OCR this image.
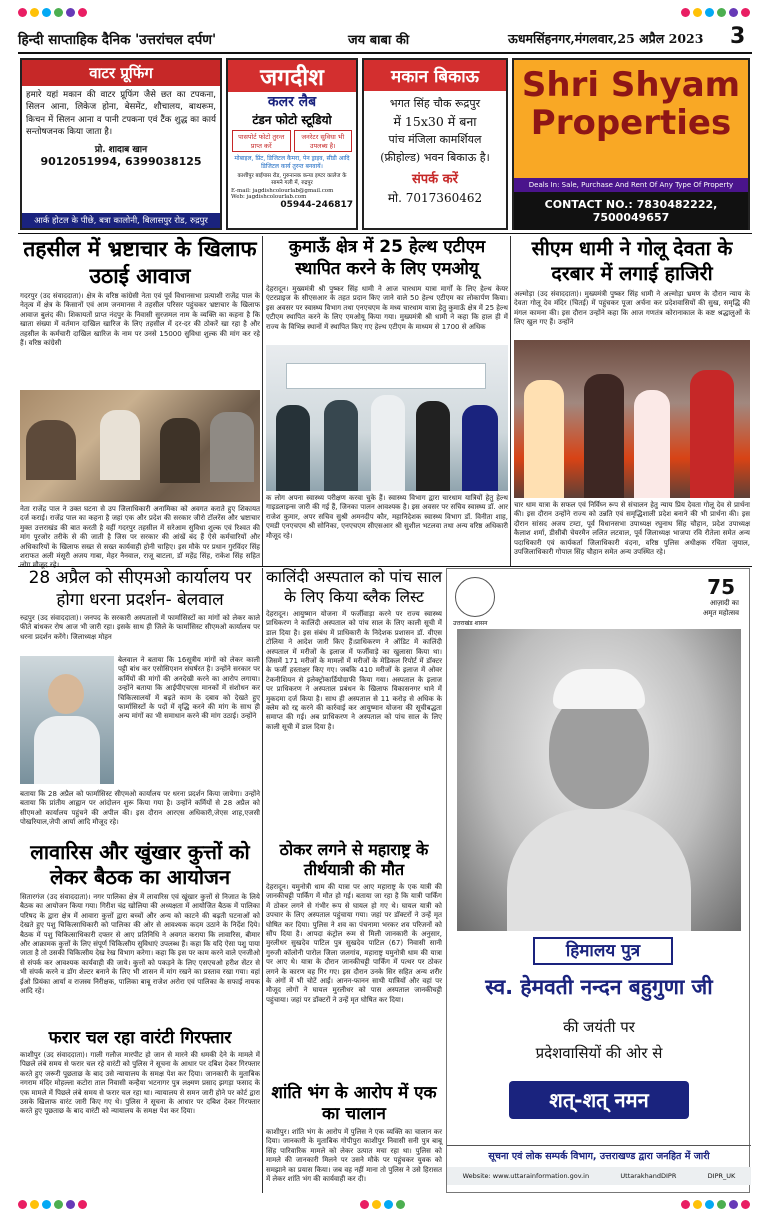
हिन्दी साप्ताहिक दैनिक 'उत्तरांचल दर्पण'	जय बाबा की	ऊधमसिंहनगर,मंगलवार,25 अप्रैल 2023 3
वाटर प्रूफिंग
हमारे यहां मकान की वाटर प्रूफिंग जैसे छत का टपकना, सिलन आना, लिकेज होना, बेसमेंट, शौचालय, बाथरूम, किचन में सिलन आना व पानी टपकना एवं टैंक शुद्ध का कार्य सन्तोषजनक किया जाता है।
प्रो. शादाब खान
9012051994, 6399038125
आर्क होटल के पीछे, बत्रा कालोनी, बिलासपुर रोड, रुद्रपुर
जगदीश
कलर लैब
टंडन फोटो स्टूडियो
पासपोर्ट फोटो तुरन्त प्राप्त करें
जनरेटर सुविधा भी उपलब्ध है।
मोबाइल, प्रिंट, डिजिटल कैमरा, पेन ड्राइव, सीडी आदि डिजिटल कार्य तुरन्त बनवायें।
काशीपुर बाईपास रोड, गुरुनानक कन्या इण्टर कालेज के सामने गली में, रुद्रपुर
E-mail: jagdishcolourlab@gmail.com
Web: jagdishcolourlab.com
05944-246817
मकान बिकाऊ
भगत सिंह चौक रूद्रपुर
में 15x30 में बना
पांच मंजिला कामर्शियल
(फ्रीहोल्ड) भवन बिकाऊ है।
संपर्क करें
मो. 7017360462
Shri Shyam
Properties
Deals In: Sale, Purchase And Rent Of Any Type Of Property
CONTACT NO.: 7830482222, 7500049657
तहसील में भ्रष्टाचार के खिलाफ उठाई आवाज
गदरपुर (उद संवाददाता)। क्षेत्र के वरिष्ठ कांग्रेसी नेता एवं पूर्व विधानसभा प्रत्याशी राजेंद्र पाल के नेतृत्व में क्षेत्र के किसानों एवं आम जनमानस ने तहसील परिसर पहुंचकर भ्रष्टाचार के खिलाफ आवाज बुलंद की। शिकायतों प्राप्त नंदपुर के निवासी सुरजमल नाम के व्यक्ति का कहना है कि खाता संख्या में वर्तमान दाखिल खारिज के लिए तहसील में दर-दर की ठोकरें खा रहा है और तहसील के कर्मचारी दाखिल खारिज के नाम पर उनसे 15000 सुविधा शुल्क की मांग कर रहे हैं। वरिष्ठ कांग्रेसी
नेता राजेंद्र पाल ने उक्त घटना से उप जिलाधिकारी अनामिका को अवगत कराते हुए शिकायत दर्ज कराई। राजेंद्र पाल का कहना है जहां एक और प्रदेश की सरकार जीरो टॉलरेंस और भ्रष्टाचार मुक्त उत्तराखंड की बात करती है वहीं गदरपुर तहसील में सरेआम सुविधा शुल्क एवं रिश्वत की मांग पूरजोर तरीके से की जाती है जिस पर सरकार की आंखें बंद हैं ऐसे कर्मचारियों और अधिकारियों के खिलाफ सख्त से सख्त कार्यवाही होनी चाहिए। इस मौके पर प्रधान गुरविंदर सिंह शराफत अली मंसूरी अजय गाबा, मेहर नैनवाल, राजू बाटला, डॉ महेंद्र सिंह, राकेश सिंह सहित
कुमाऊँ क्षेत्र में 25 हेल्थ एटीएम स्थापित करने के लिए एमओयू
देहरादून। मुख्यमंत्री श्री पुष्कर सिंह धामी ने आज चारधाम यात्रा मार्गों के लिए हेल्थ केयर एंटरप्राइज के सीएसआर के तहत प्रदान किए जाने वाले 50 हेल्थ एटीएम का लोकार्पण किया। इस अवसर पर स्वास्थ्य विभाग तथा एनएचएम के मध्य चारधाम यात्रा हेतु कुमाऊँ क्षेत्र में 25 हेल्थ एटीएम स्थापित करने के लिए एमओयू किया गया। मुख्यमंत्री श्री धामी ने कहा कि हाल ही में राज्य के विभिन्न स्थानों में स्थापित किए गए हेल्थ एटीएम के माध्यम से 1700 से अधिक
क लोग अपना स्वास्थ्य परीक्षण करवा चुके हैं। स्वास्थ्य विभाग द्वारा चारधाम यात्रियों हेतु हेल्थ गाइडलाइन्स जारी की गई हैं, जिनका पालन आवश्यक है। इस अवसर पर सचिव स्वास्थ्य डॉ. आर राजेश कुमार, अपर सचिव सुश्री अमनदीप कौर, महानिदेशक स्वास्थ्य विभाग डॉ. विनीता शाह, एमडी एनएचएम श्री सोनिका, एनएचएम सीएसआर श्री सुशील भटलवा तथा अन्य वरिष्ठ अधिकारी मौजूद रहे।
सीएम धामी ने गोलू देवता के दरबार में लगाई हाजिरी
अल्मोड़ा (उद संवाददाता)। मुख्यमंत्री पुष्कर सिंह धामी ने अल्मोड़ा भ्रमण के दौरान न्याय के देवता गोलू देव मंदिर (चितई) में पहुंचकर पूजा अर्चना कर प्रदेशवासियों की सुख, समृद्धि की मंगल कामना की। इस दौरान उन्होंने कहा कि आज गणतंत्र कोरानाकाल के कष्ट श्रद्धालुओं के लिए खुल गए हैं। उन्होंने
चार धाम यात्रा के सफल एवं निर्विघ्न रूप से संचालन हेतु न्याय प्रिय देवता गोलू देव से प्रार्थना की। इस दौरान उन्होंने राज्य को उन्नति एवं समृद्धिशाली प्रदेश बनाने की भी प्रार्थना की। इस दौरान सांसद अजय टम्टा, पूर्व विधानसभा उपाध्यक्ष रघुनाथ सिंह चौहान, प्रदेश उपाध्यक्ष कैलाश शर्मा, डीसीबी चेयरमैन ललित लटवाल, पूर्व जिलाध्यक्ष भाजपा रवि रौतेला समेत अन्य पदाधिकारी एवं कार्यकर्ता जिलाधिकारी वंदना, वरिष्ठ पुलिस अधीक्षक रचिता जुयाल, उपजिलाधिकारी गोपाल सिंह चौहान समेत अन्य उपस्थित रहे।
28 अप्रैल को सीएमओ कार्यालय पर होगा धरना प्रदर्शन- बेलवाल
रुद्रपुर (उद संवाददाता)। जनपद के सरकारी अस्पतालों में फार्मासिस्टों का मांगों को लेकर काले फीते बांधकर रोष आज भी जारी रहा। इसके साथ ही जिले के फार्मासिस्ट सीएमओ कार्यालय पर धरना प्रदर्शन करेंगे। जिलाध्यक्ष मोहन
बेलवाल ने बताया कि 16सूत्रीय मांगों को लेकर काली पट्टी बांध कर एसोसिएशन संघर्षरत है। उन्होंने सरकार पर कर्मियों की मांगों की अनदेखी करने का आरोप लगाया। उन्होंने बताया कि आईपीएचएस मानकों में संशोधन कर चिकित्सालयों में बढ़ते काम के दबाव को देखते हुए फार्मासिस्टों के पदों में वृद्धि करने की मांग के साथ ही अन्य मांगों का भी समाधान करने की मांग उठाई। उन्होंने
बताया कि 28 अप्रैल को फार्मासिस्ट सीएमओ कार्यालय पर धरना प्रदर्शन किया जायेगा। उन्होंने बताया कि प्रांतीय आह्वान पर आंदोलन शुरू किया गया है। उन्होंने कर्मियों से 28 अप्रैल को सीएमओ कार्यालय पहुंचने की अपील की। इस दौरान आरएस अधिकारी,जेएस शाह,एजसी पोखरियाल,जेपी आर्या आदि मौजूद रहे।
लावारिस और खुंखार कुत्तों को लेकर बैठक का आयोजन
सितारगंज (उद संवाददाता)। नगर पालिका क्षेत्र में लावारिस एवं खूंखार कुत्तों से निजात के लिये बैठक का आयोजन किया गया। गिरीश चंद्र खोलिया की अध्यक्षता में आयोजित बैठक में पालिका परिषद के द्वारा क्षेत्र में आवारा कुत्तों द्वारा बच्चों और अन्य को काटने की बढ़ती घटनाओं को देखते हुए पशु चिकित्साधिकारी को पालिका की ओर से आवश्यक कदम उठाने के निर्देश दिये। बैठक में पशु चिकित्साधिकारी दफ्तर से आए प्रतिनिधि ने अवगत कराया कि लावारिस, बीमार और आक्रामक कुत्तों के लिए संपूर्ण चिकित्सीय सुविधाएं उपलब्ध हैं। कहा कि यदि ऐसा पशु पाया जाता है तो उसकी चिकित्सीय देख रेख विभाग करेगा। कहा कि इस पर काम करने वाले एनजीओ से संपर्क कर आवश्यक कार्यवाही की जाये। कुत्तों को पकड़ने के लिए एसएचओ हरीश सेंटर से भी संपर्क करने व डॉग शेल्टर बनाने के लिए भी शासन में मांग रखने का प्रस्ताव रखा गया। वहां ईओ प्रियंका आर्या व राजस्व निरीक्षक, पालिका बाबू राजेश अरोरा एवं पालिका के सफाई नायक आदि रहे।
फरार चल रहा वारंटी गिरफ्तार
काशीपुर (उद संवाददाता)। गाली गलौज मारपीट हो जान से मारने की धमकी देने के मामले में पिछले लंबे समय से फरार चल रहे वारंटी को पुलिस ने सूचना के आधार पर दबिश देकर गिरफ्तार करते हुए जरूरी पूछताछ के बाद उसे न्यायालय के समक्ष पेश कर दिया। जानकारी के मुताबिक नगराम मंदिर मोहल्ला कटोरा ताल निवासी कन्हैया भटनागर पुत्र लक्ष्मण प्रसाद झगड़ा फसाद के एक मामले में पिछले लंबे समय से फरार चल रहा था। न्यायालय से समन जारी होने पर कोर्ट द्वारा उसके खिलाफ वारंट जारी किए गए थे। पुलिस ने सूचना के आधार पर दबिश देकर गिरफ्तार करते हुए पूछताछ के बाद वारंटी को न्यायालय के समक्ष पेश कर दिया।
कालिंदी अस्पताल को पांच साल के लिए किया ब्लैक लिस्ट
देहरादून। आयुष्मान योजना में फर्जीवाड़ा करने पर राज्य स्वास्थ्य प्राधिकरण ने कालिंदी अस्पताल को पांच साल के लिए काली सूची में डाल दिया है। इस संबंध में प्राधिकारी के निदेशक प्रशासन डॉ. वीएस टोलिया ने आदेश जारी किए हैं।प्राधिकरण ने ऑडिट में कालिंदी अस्पताल में मरीजों के इलाज में फर्जीवाड़े का खुलासा किया था। जिसमें 171 मरीजों के मामलों में मरीजों के मेडिकल रिपोर्ट में डॉक्टर के फर्जी हस्ताक्षर किए गए। जबकि 410 मरीजों के इलाज में ओवर टेकनीशियन से इलेक्ट्रोकार्डियोग्राफी किया गया। अस्पताल के इलाज पर प्राधिकरण ने अस्पताल प्रबंधन के खिलाफ विकासनगर थाने में मुकदमा दर्ज किया है। साथ ही अस्पताल से 11 करोड़ से अधिक के क्लेम को रद्द करने की कार्रवाई कर आयुष्मान योजना की सूचीबद्धता समाप्त की गई। अब प्राधिकरण ने अस्पताल को पांच साल के लिए काली सूची में डाल दिया है।
ठोकर लगने से महाराष्ट्र के तीर्थयात्री की मौत
देहरादून। यमुनोत्री धाम की यात्रा पर आए महाराष्ट्र के एक यात्री की जानकीचट्टी पार्किंग में मौत हो गई। बताया जा रहा है कि यात्री पार्किंग में ठोकर लगने से गंभीर रूप से घायल हो गए थे। घायल यात्री को उपचार के लिए अस्पताल पहुंचाया गया। जहां पर डॉक्टरों ने उन्हें मृत घोषित कर दिया। पुलिस ने शव का पंचनामा भरकर शव परिजनों को सौंप दिया है। आपदा कंट्रोल रूम से मिली जानकारी के अनुसार, मुरलीधर सुखदेव पाटिल पुत्र सुखदेव पाटिल (67) निवासी सानी गुरुजी कॉलोनी पारोल जिला जलगांव, महाराष्ट्र यमुनोत्री धाम की यात्रा पर आए थे। यात्रा के दौरान जानकीचट्टी पार्किंग में पत्थर पर ठोकर लगने के कारण वह गिर गए। इस दौरान उनके सिर सहित अन्य शरीर के अंगों में भी चोटें आईं। आनन-फानन साथी यात्रियों और वहां पर मौजूद लोगों ने घायल मुरलीधर को पास अस्पताल जानकीचट्टी पहुंचाया। जहां पर डॉक्टरों ने उन्हें मृत घोषित कर दिया।
शांति भंग के आरोप में एक का चालान
काशीपुर। शांति भंग के आरोप में पुलिस ने एक व्यक्ति का चालान कर दिया। जानकारी के मुताबिक गोपीपुरा काशीपुर निवासी सनी पुत्र बाबू सिंह पारिवारिक मामले को लेकर उत्पात मचा रहा था। पुलिस को मामले की जानकारी मिलने पर उसने मौके पर पहुंचकर युवक को समझाने का प्रयास किया। जब वह नहीं माना तो पुलिस ने उसे हिरासत में लेकर शांति भंग की कार्यवाही कर दी।
उत्तराखंड शासन
75
आज़ादी का
अमृत महोत्सव
हिमालय पुत्र
स्व. हेमवती नन्दन बहुगुणा जी
की जयंती पर
प्रदेशवासियों की ओर से
शत्-शत् नमन
सूचना एवं लोक सम्पर्क विभाग, उत्तराखण्ड द्वारा जनहित में जारी
Website: www.uttarainformation.gov.in	UttarakhandDIPR	DIPR_UK
